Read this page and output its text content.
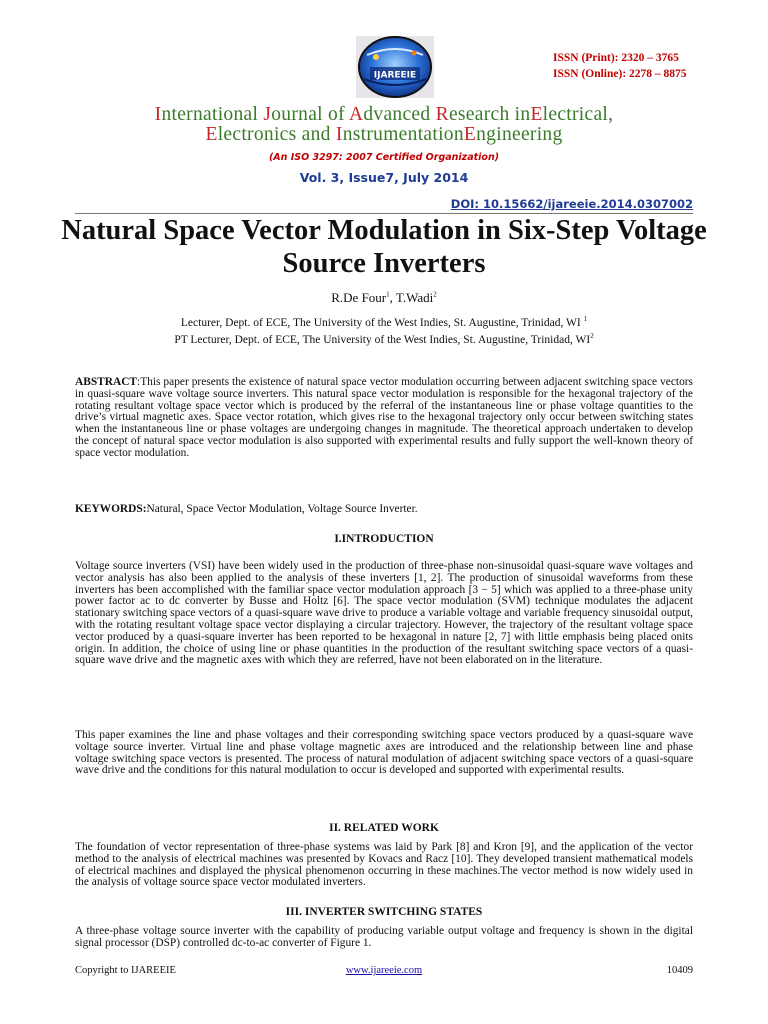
IJAREEIE
ISSN (Print): 2320 – 3765
ISSN (Online): 2278 – 8875
International Journal of Advanced Research inElectrical,
Electronics and InstrumentationEngineering
(An ISO 3297: 2007 Certified Organization)
Vol. 3, Issue7, July 2014
DOI: 10.15662/ijareeie.2014.0307002
Natural Space Vector Modulation in Six-Step Voltage Source Inverters
R.De Four$^1$, T.Wadi$^2$
Lecturer, Dept. of ECE, The University of the West Indies, St. Augustine, Trinidad, WI $^1$
PT Lecturer, Dept. of ECE, The University of the West Indies, St. Augustine, Trinidad, $WI^2$
ABSTRACT:This paper presents the existence of natural space vector modulation occurring between adjacent switching space vectors in quasi-square wave voltage source inverters. This natural space vector modulation is responsible for the hexagonal trajectory of the rotating resultant voltage space vector which is produced by the referral of the instantaneous line or phase voltage quantities to the drive’s virtual magnetic axes. Space vector rotation, which gives rise to the hexagonal trajectory only occur between switching states when the instantaneous line or phase voltages are undergoing changes in magnitude. The theoretical approach undertaken to develop the concept of natural space vector modulation is also supported with experimental results and fully support the well-known theory of space vector modulation.
KEYWORDS:Natural, Space Vector Modulation, Voltage Source Inverter.
I.INTRODUCTION
Voltage source inverters (VSI) have been widely used in the production of three-phase non-sinusoidal quasi-square wave voltages and vector analysis has also been applied to the analysis of these inverters [1, 2]. The production of sinusoidal waveforms from these inverters has been accomplished with the familiar space vector modulation approach [3 − 5] which was applied to a three-phase unity power factor ac to dc converter by Busse and Holtz [6]. The space vector modulation (SVM) technique modulates the adjacent stationary switching space vectors of a quasi-square wave drive to produce a variable voltage and variable frequency sinusoidal output, with the rotating resultant voltage space vector displaying a circular trajectory. However, the trajectory of the resultant voltage space vector produced by a quasi-square inverter has been reported to be hexagonal in nature [2, 7] with little emphasis being placed onits origin. In addition, the choice of using line or phase quantities in the production of the resultant switching space vectors of a quasi-square wave drive and the magnetic axes with which they are referred, have not been elaborated on in the literature.
This paper examines the line and phase voltages and their corresponding switching space vectors produced by a quasi-square wave voltage source inverter. Virtual line and phase voltage magnetic axes are introduced and the relationship between line and phase voltage switching space vectors is presented. The process of natural modulation of adjacent switching space vectors of a quasi-square wave drive and the conditions for this natural modulation to occur is developed and supported with experimental results.
II. RELATED WORK
The foundation of vector representation of three-phase systems was laid by Park [8] and Kron [9], and the application of the vector method to the analysis of electrical machines was presented by Kovacs and Racz [10]. They developed transient mathematical models of electrical machines and displayed the physical phenomenon occurring in these machines.The vector method is now widely used in the analysis of voltage source space vector modulated inverters.
III. INVERTER SWITCHING STATES
A three-phase voltage source inverter with the capability of producing variable output voltage and frequency is shown in the digital signal processor (DSP) controlled dc-to-ac converter of Figure 1.
Copyright to IJAREEIE	www.ijareeie.com	10409
